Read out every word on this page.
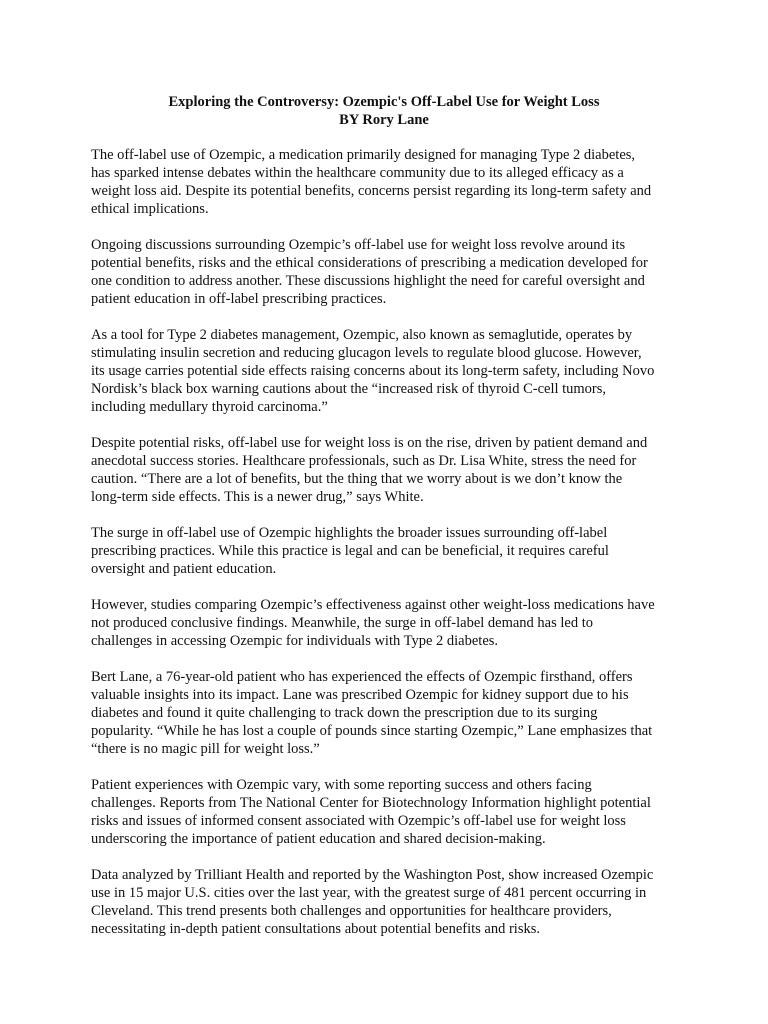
Exploring the Controversy: Ozempic's Off-Label Use for Weight Loss
BY Rory Lane
The off-label use of Ozempic, a medication primarily designed for managing Type 2 diabetes,
has sparked intense debates within the healthcare community due to its alleged efficacy as a
weight loss aid. Despite its potential benefits, concerns persist regarding its long-term safety and
ethical implications.
Ongoing discussions surrounding Ozempic’s off-label use for weight loss revolve around its
potential benefits, risks and the ethical considerations of prescribing a medication developed for
one condition to address another. These discussions highlight the need for careful oversight and
patient education in off-label prescribing practices.
As a tool for Type 2 diabetes management, Ozempic, also known as semaglutide, operates by
stimulating insulin secretion and reducing glucagon levels to regulate blood glucose. However,
its usage carries potential side effects raising concerns about its long-term safety, including Novo
Nordisk’s black box warning cautions about the “increased risk of thyroid C-cell tumors,
including medullary thyroid carcinoma.”
Despite potential risks, off-label use for weight loss is on the rise, driven by patient demand and
anecdotal success stories. Healthcare professionals, such as Dr. Lisa White, stress the need for
caution. “There are a lot of benefits, but the thing that we worry about is we don’t know the
long-term side effects. This is a newer drug,” says White.
The surge in off-label use of Ozempic highlights the broader issues surrounding off-label
prescribing practices. While this practice is legal and can be beneficial, it requires careful
oversight and patient education.
However, studies comparing Ozempic’s effectiveness against other weight-loss medications have
not produced conclusive findings. Meanwhile, the surge in off-label demand has led to
challenges in accessing Ozempic for individuals with Type 2 diabetes.
Bert Lane, a 76-year-old patient who has experienced the effects of Ozempic firsthand, offers
valuable insights into its impact. Lane was prescribed Ozempic for kidney support due to his
diabetes and found it quite challenging to track down the prescription due to its surging
popularity. “While he has lost a couple of pounds since starting Ozempic,” Lane emphasizes that
“there is no magic pill for weight loss.”
Patient experiences with Ozempic vary, with some reporting success and others facing
challenges. Reports from The National Center for Biotechnology Information highlight potential
risks and issues of informed consent associated with Ozempic’s off-label use for weight loss
underscoring the importance of patient education and shared decision-making.
Data analyzed by Trilliant Health and reported by the Washington Post, show increased Ozempic
use in 15 major U.S. cities over the last year, with the greatest surge of 481 percent occurring in
Cleveland. This trend presents both challenges and opportunities for healthcare providers,
necessitating in-depth patient consultations about potential benefits and risks.
